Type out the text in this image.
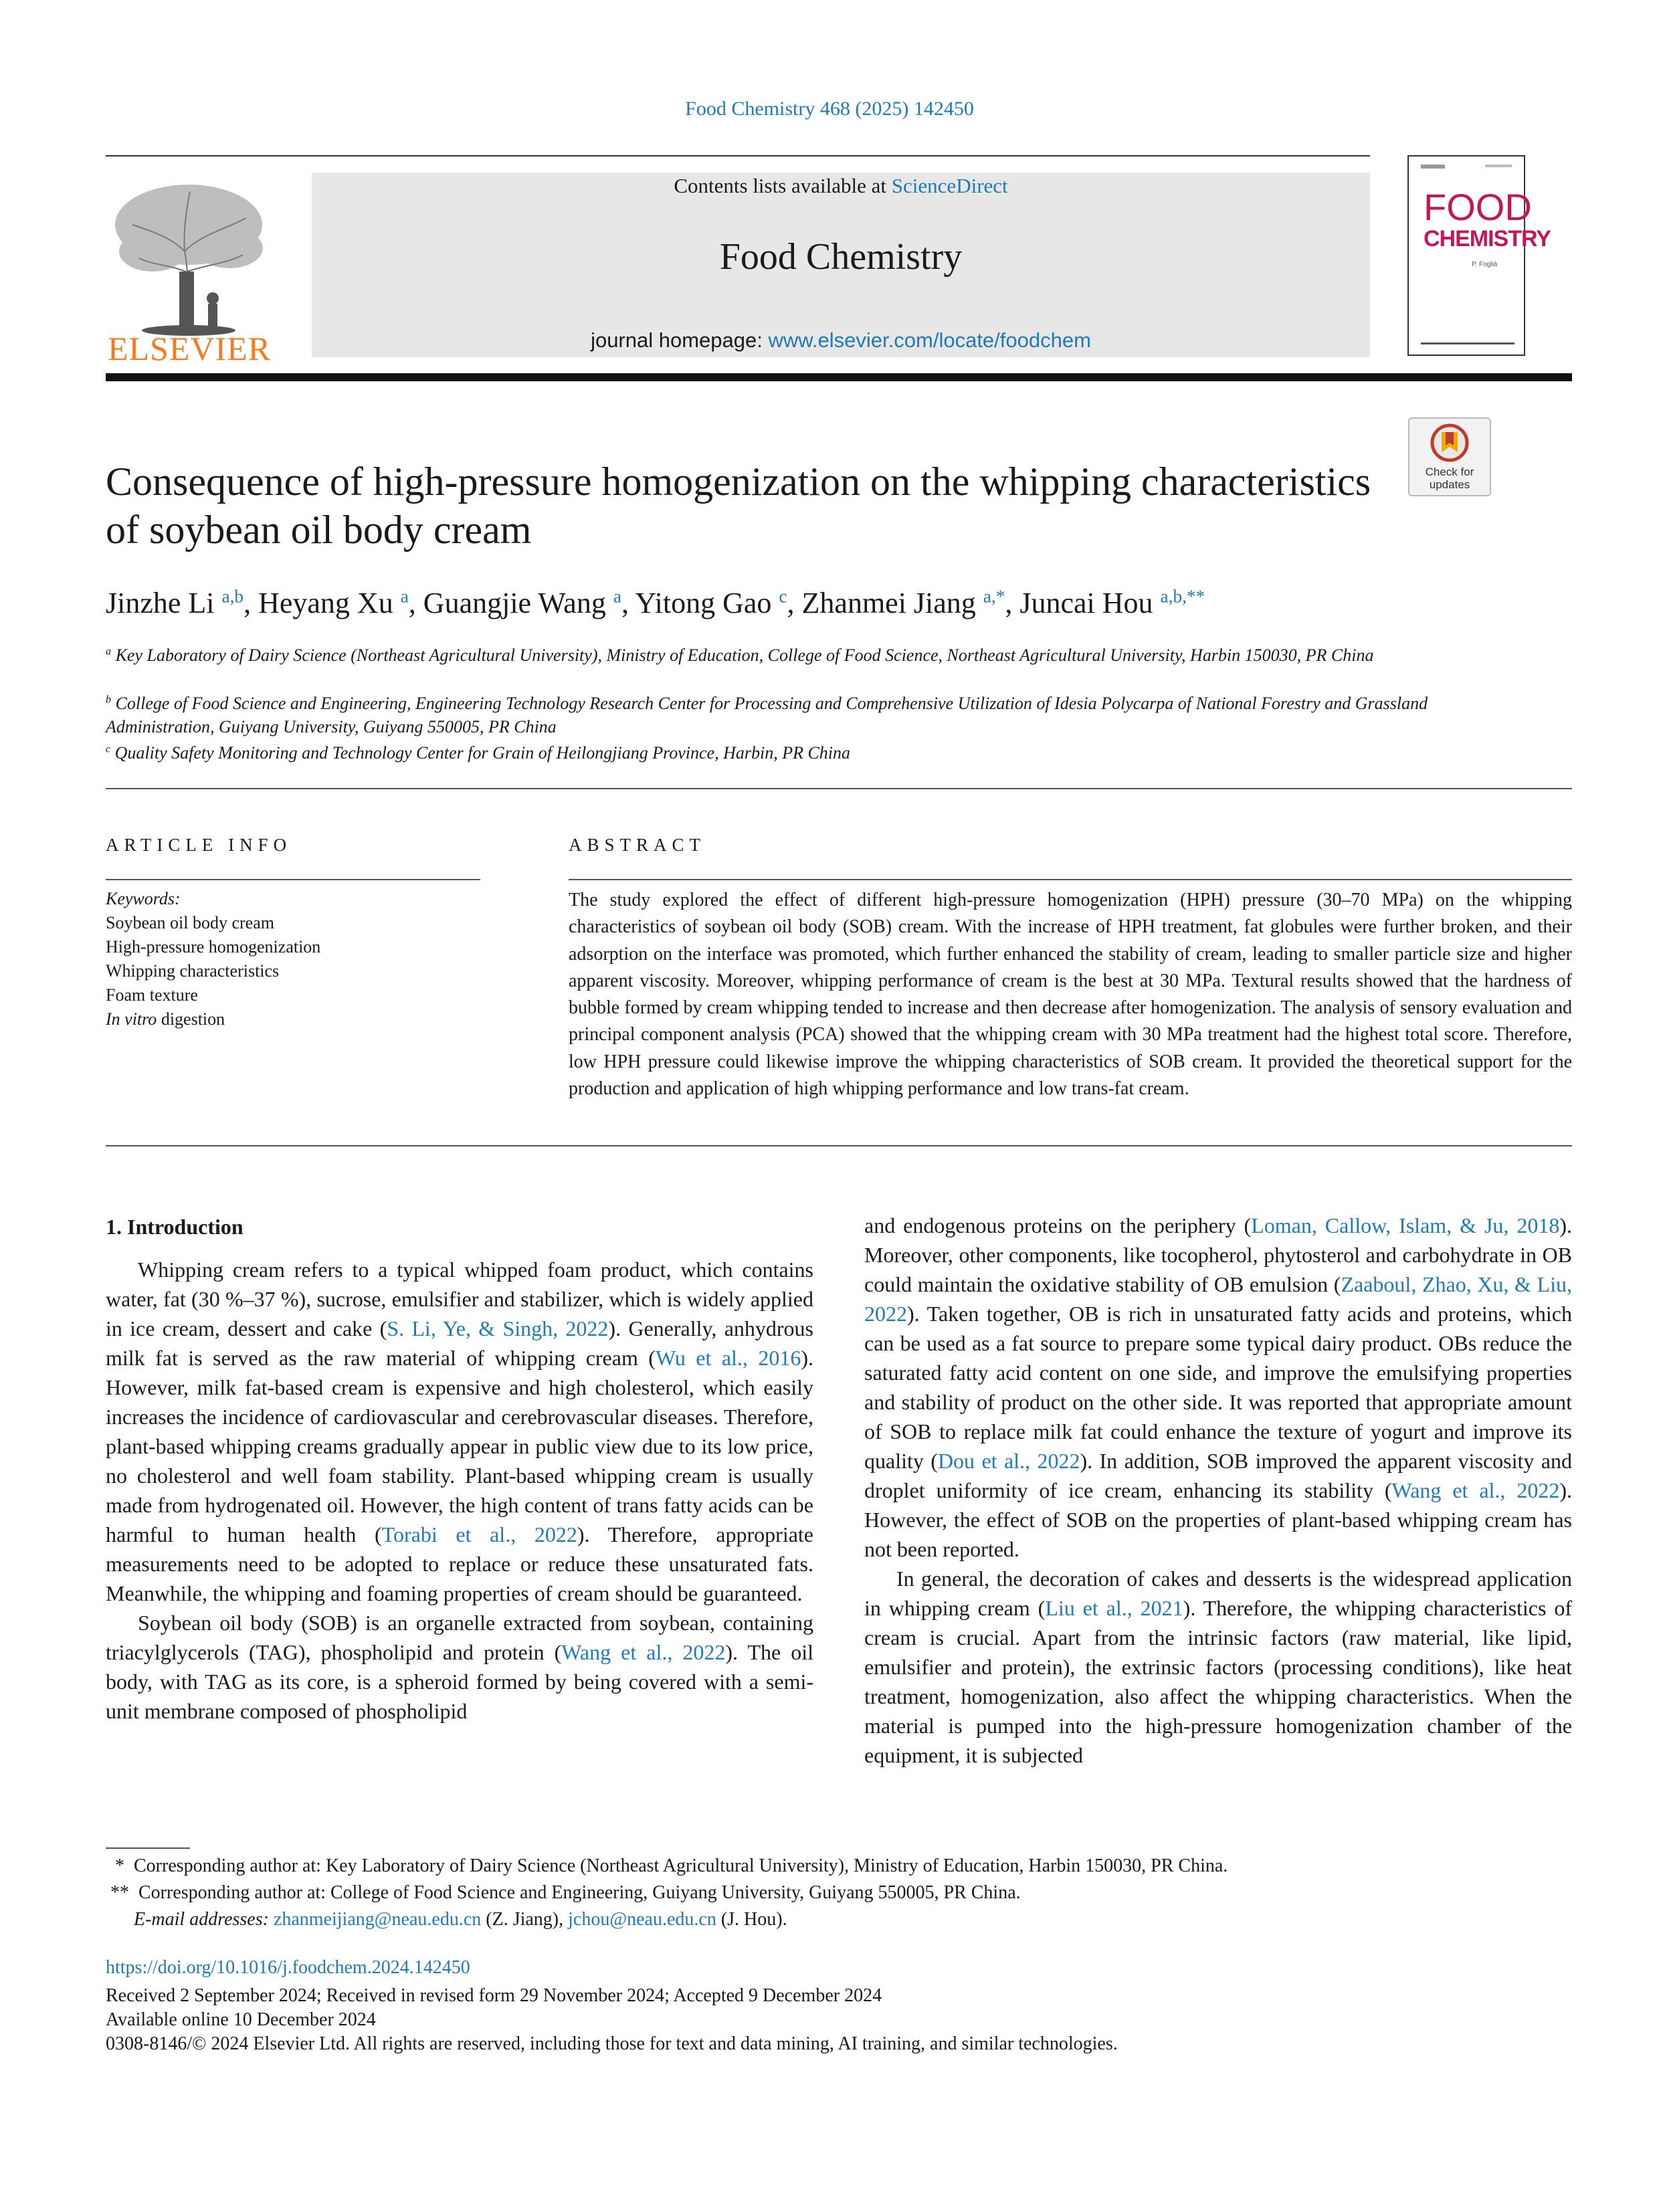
Food Chemistry 468 (2025) 142450
ELSEVIER
Contents lists available at ScienceDirect
Food Chemistry
journal homepage: www.elsevier.com/locate/foodchem
FOOD
CHEMISTRY
P. Fogliá
Check for updates
Consequence of high-pressure homogenization on the whipping characteristics of soybean oil body cream
Jinzhe Li $^{a,b}$, Heyang Xu $^a$, Guangjie Wang $^a$, Yitong Gao $^c$, Zhanmei Jiang $^{a,*}$, Juncai Hou $^{a,b,**}$
$^a$ Key Laboratory of Dairy Science (Northeast Agricultural University), Ministry of Education, College of Food Science, Northeast Agricultural University, Harbin 150030, PR China
$^b$ College of Food Science and Engineering, Engineering Technology Research Center for Processing and Comprehensive Utilization of Idesia Polycarpa of National Forestry and Grassland Administration, Guiyang University, Guiyang 550005, PR China
$^c$ Quality Safety Monitoring and Technology Center for Grain of Heilongjiang Province, Harbin, PR China
ARTICLE INFO
Keywords:
Soybean oil body cream
High-pressure homogenization
Whipping characteristics
Foam texture
In vitro digestion
ABSTRACT
The study explored the effect of different high-pressure homogenization (HPH) pressure (30–70 MPa) on the whipping characteristics of soybean oil body (SOB) cream. With the increase of HPH treatment, fat globules were further broken, and their adsorption on the interface was promoted, which further enhanced the stability of cream, leading to smaller particle size and higher apparent viscosity. Moreover, whipping performance of cream is the best at 30 MPa. Textural results showed that the hardness of bubble formed by cream whipping tended to increase and then decrease after homogenization. The analysis of sensory evaluation and principal component analysis (PCA) showed that the whipping cream with 30 MPa treatment had the highest total score. Therefore, low HPH pressure could likewise improve the whipping characteristics of SOB cream. It provided the theoretical support for the production and application of high whipping performance and low trans-fat cream.
1. Introduction

Whipping cream refers to a typical whipped foam product, which contains water, fat (30 %–37 %), sucrose, emulsifier and stabilizer, which is widely applied in ice cream, dessert and cake (S. Li, Ye, & Singh, 2022). Generally, anhydrous milk fat is served as the raw material of whipping cream (Wu et al., 2016). However, milk fat-based cream is expensive and high cholesterol, which easily increases the incidence of cardiovascular and cerebrovascular diseases. Therefore, plant-based whipping creams gradually appear in public view due to its low price, no cholesterol and well foam stability. Plant-based whipping cream is usually made from hydrogenated oil. However, the high content of trans fatty acids can be harmful to human health (Torabi et al., 2022). Therefore, appropriate measurements need to be adopted to replace or reduce these unsaturated fats. Meanwhile, the whipping and foaming properties of cream should be guaranteed.

Soybean oil body (SOB) is an organelle extracted from soybean, containing triacylglycerols (TAG), phospholipid and protein (Wang et al., 2022). The oil body, with TAG as its core, is a spheroid formed by being covered with a semi-unit membrane composed of phospholipid

and endogenous proteins on the periphery (Loman, Callow, Islam, & Ju, 2018). Moreover, other components, like tocopherol, phytosterol and carbohydrate in OB could maintain the oxidative stability of OB emulsion (Zaaboul, Zhao, Xu, & Liu, 2022). Taken together, OB is rich in unsaturated fatty acids and proteins, which can be used as a fat source to prepare some typical dairy product. OBs reduce the saturated fatty acid content on one side, and improve the emulsifying properties and stability of product on the other side. It was reported that appropriate amount of SOB to replace milk fat could enhance the texture of yogurt and improve its quality (Dou et al., 2022). In addition, SOB improved the apparent viscosity and droplet uniformity of ice cream, enhancing its stability (Wang et al., 2022). However, the effect of SOB on the properties of plant-based whipping cream has not been reported.

In general, the decoration of cakes and desserts is the widespread application in whipping cream (Liu et al., 2021). Therefore, the whipping characteristics of cream is crucial. Apart from the intrinsic factors (raw material, like lipid, emulsifier and protein), the extrinsic factors (processing conditions), like heat treatment, homogenization, also affect the whipping characteristics. When the material is pumped into the high-pressure homogenization chamber of the equipment, it is subjected

* Corresponding author at: Key Laboratory of Dairy Science (Northeast Agricultural University), Ministry of Education, Harbin 150030, PR China.
** Corresponding author at: College of Food Science and Engineering, Guiyang University, Guiyang 550005, PR China.
E-mail addresses: zhanmeijiang@neau.edu.cn (Z. Jiang), jchou@neau.edu.cn (J. Hou).
https://doi.org/10.1016/j.foodchem.2024.142450
Received 2 September 2024; Received in revised form 29 November 2024; Accepted 9 December 2024
Available online 10 December 2024
0308-8146/© 2024 Elsevier Ltd. All rights are reserved, including those for text and data mining, AI training, and similar technologies.
